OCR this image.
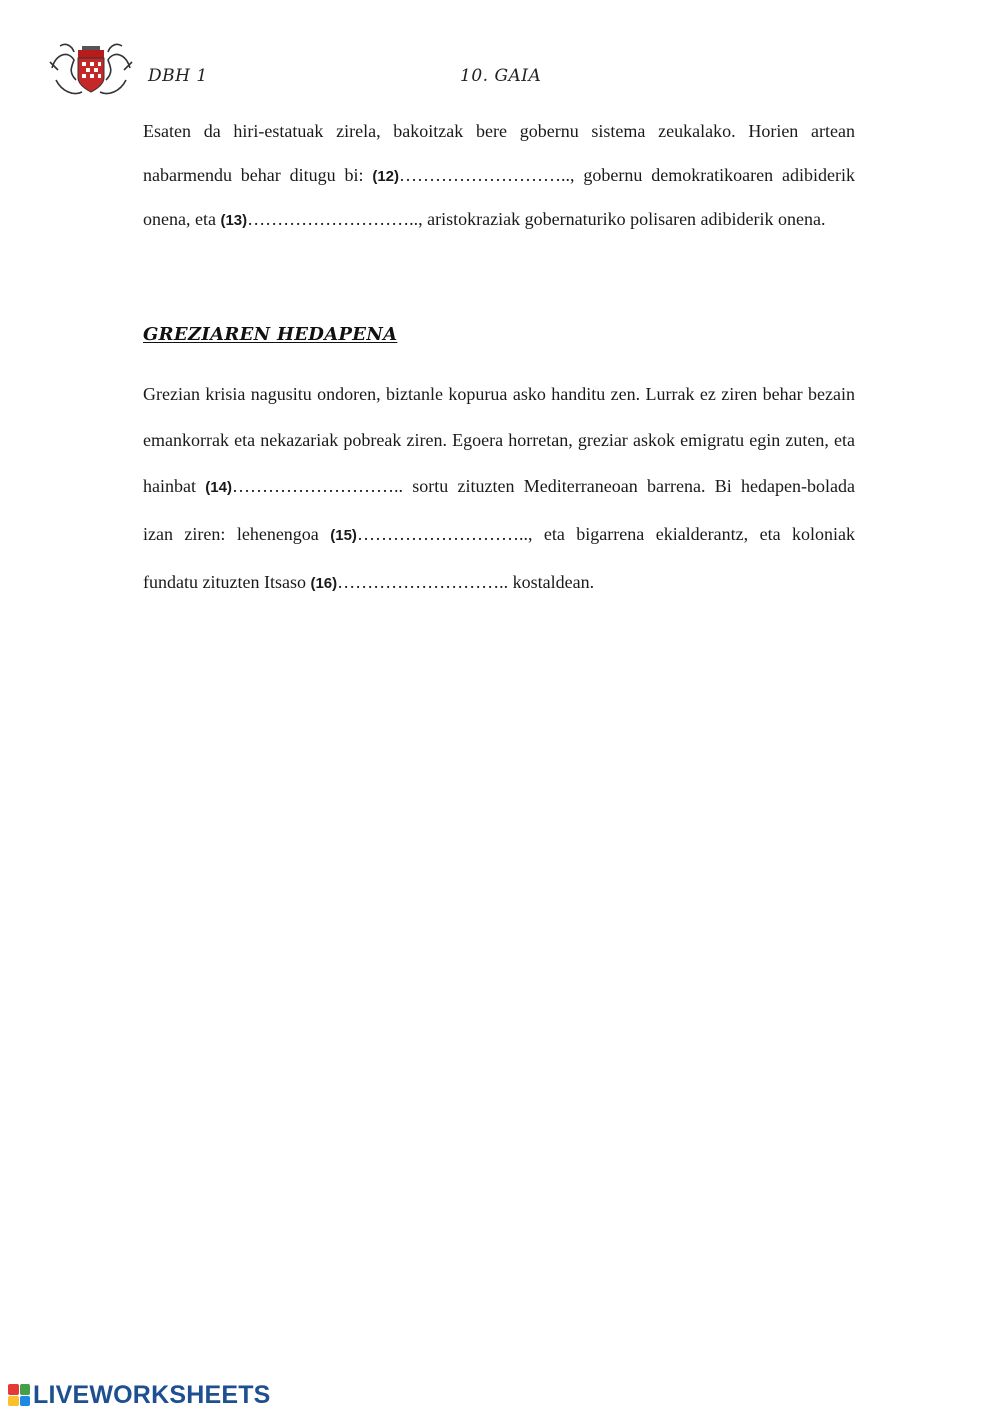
DBH 1	10. GAIA

Esaten da hiri-estatuak zirela, bakoitzak bere gobernu sistema zeukalako. Horien artean nabarmendu behar ditugu bi: (12)……………………….., gobernu demokratikoaren adibiderik onena, eta (13)……………………….., aristokraziak gobernaturiko polisaren adibiderik onena.

GREZIAREN HEDAPENA

Grezian krisia nagusitu ondoren, biztanle kopurua asko handitu zen. Lurrak ez ziren behar bezain emankorrak eta nekazariak pobreak ziren. Egoera horretan, greziar askok emigratu egin zuten, eta hainbat (14)……………………….. sortu zituzten Mediterraneoan barrena. Bi hedapen-bolada izan ziren: lehenengoa (15)……………………….., eta bigarrena ekialderantz, eta koloniak fundatu zituzten Itsaso (16)……………………….. kostaldean.

LIVEWORKSHEETS
